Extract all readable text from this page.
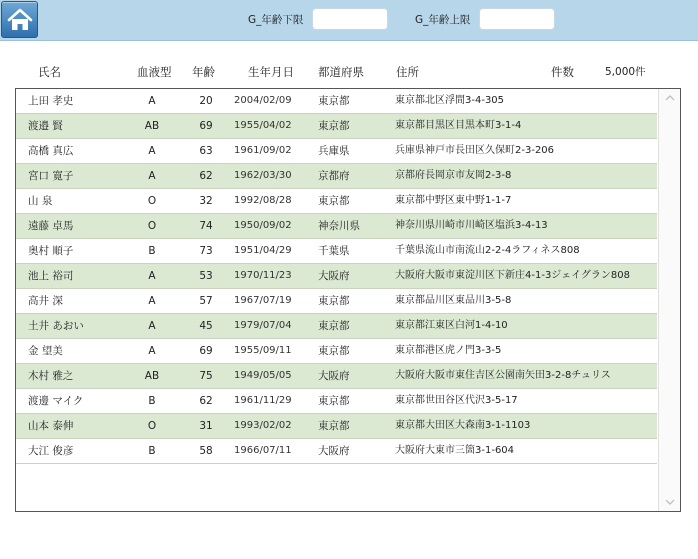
G_年齢下限	G_年齢上限
氏名	血液型 年齢	生年月日 都道府県	住所	件数	5,000件
上田 孝史	A	20	2004/02/09	東京都	東京都北区浮間3-4-305
渡邉 賢	AB	69	1955/04/02	東京都	東京都目黒区目黒本町3-1-4
高橋 真広	A	63	1961/09/02	兵庫県	兵庫県神戸市長田区久保町2-3-206
宮口 寛子	A	62	1962/03/30	京都府	京都府長岡京市友岡2-3-8
山 泉	O	32	1992/08/28	東京都	東京都中野区東中野1-1-7
遠藤 卓馬	O	74	1950/09/02	神奈川県	神奈川県川崎市川崎区塩浜3-4-13
奥村 順子	B	73	1951/04/29	千葉県	千葉県流山市南流山2-2-4ラフィネス808
池上 裕司	A	53	1970/11/23	大阪府	大阪府大阪市東淀川区下新庄4-1-3ジェイグラン808
高井 深	A	57	1967/07/19	東京都	東京都品川区東品川3-5-8
土井 あおい	A	45	1979/07/04	東京都	東京都江東区白河1-4-10
金 望美	A	69	1955/09/11	東京都	東京都港区虎ノ門3-3-5
木村 雅之	AB	75	1949/05/05	大阪府	大阪府大阪市東住吉区公園南矢田3-2-8チュリス
渡邊 マイク	B	62	1961/11/29	東京都	東京都世田谷区代沢3-5-17
山本 泰伸	O	31	1993/02/02	東京都	東京都大田区大森南3-1-1103
大江 俊彦	B	58	1966/07/11	大阪府	大阪府大東市三箇3-1-604
